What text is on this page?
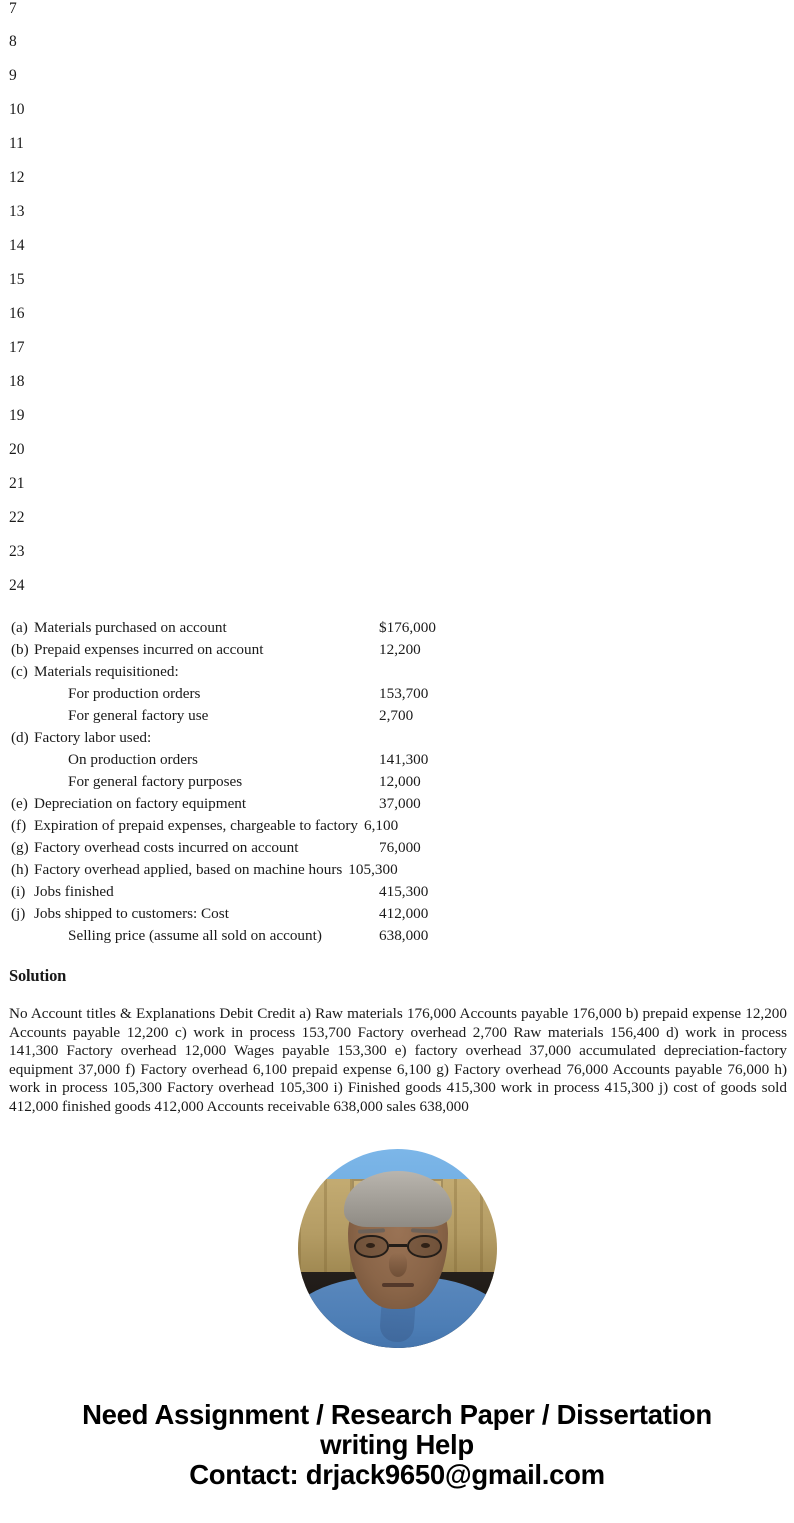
7
8
9
10
11
12
13
14
15
16
17
18
19
20
21
22
23
24
(a) Materials purchased on account	$176,000
(b) Prepaid expenses incurred on account	12,200
(c) Materials requisitioned:
For production orders	153,700
For general factory use	2,700
(d) Factory labor used:
On production orders	141,300
For general factory purposes	12,000
(e) Depreciation on factory equipment	37,000
(f) Expiration of prepaid expenses, chargeable to factory 6,100
(g) Factory overhead costs incurred on account	76,000
(h) Factory overhead applied, based on machine hours 105,300
(i) Jobs finished	415,300
(j) Jobs shipped to customers: Cost	412,000
Selling price (assume all sold on account)	638,000
Solution
No Account titles & Explanations Debit Credit a) Raw materials 176,000 Accounts payable 176,000 b) prepaid expense 12,200 Accounts payable 12,200 c) work in process 153,700 Factory overhead 2,700 Raw materials 156,400 d) work in process 141,300 Factory overhead 12,000 Wages payable 153,300 e) factory overhead 37,000 accumulated depreciation-factory equipment 37,000 f) Factory overhead 6,100 prepaid expense 6,100 g) Factory overhead 76,000 Accounts payable 76,000 h) work in process 105,300 Factory overhead 105,300 i) Finished goods 415,300 work in process 415,300 j) cost of goods sold 412,000 finished goods 412,000 Accounts receivable 638,000 sales 638,000
Need Assignment / Research Paper / Dissertation
writing Help
Contact: drjack9650@gmail.com
